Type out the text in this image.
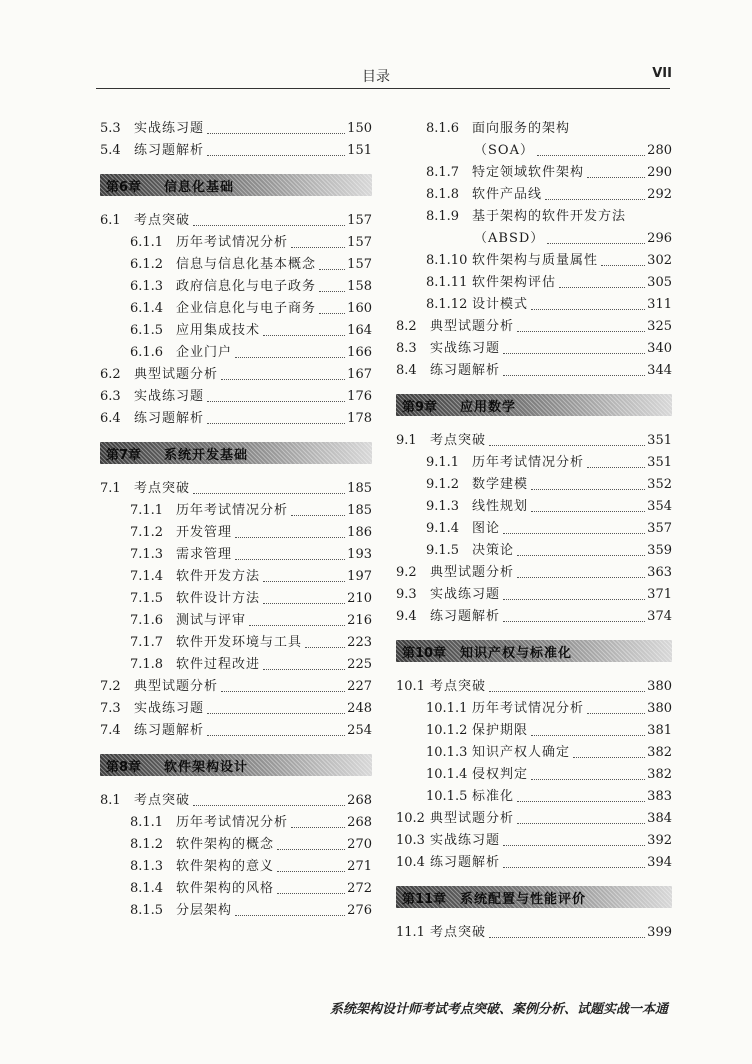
目录	VII
5.3	实战练习题	150
5.4	练习题解析	151
第6章	信息化基础
6.1	考点突破	157
6.1.1 历年考试情况分析	157
6.1.2 信息与信息化基本概念 157
6.1.3 政府信息化与电子政务 158
6.1.4 企业信息化与电子商务 160
6.1.5 应用集成技术	164
6.1.6 企业门户	166
6.2	典型试题分析	167
6.3	实战练习题	176
6.4	练习题解析	178
第7章	系统开发基础
7.1	考点突破	185
7.1.1 历年考试情况分析	185
7.1.2 开发管理	186
7.1.3 需求管理	193
7.1.4 软件开发方法	197
7.1.5 软件设计方法	210
7.1.6 测试与评审	216
7.1.7 软件开发环境与工具	223
7.1.8 软件过程改进	225
7.2	典型试题分析	227
7.3	实战练习题	248
7.4	练习题解析	254
第8章	软件架构设计
8.1	考点突破	268
8.1.1 历年考试情况分析	268
8.1.2 软件架构的概念	270
8.1.3 软件架构的意义	271
8.1.4 软件架构的风格	272
8.1.5 分层架构	276
8.1.6 面向服务的架构
（SOA）	280
8.1.7 特定领域软件架构	290
8.1.8 软件产品线	292
8.1.9 基于架构的软件开发方法
（ABSD）	296
8.1.10 软件架构与质量属性	302
8.1.11 软件架构评估	305
8.1.12 设计模式	311
8.2	典型试题分析	325
8.3	实战练习题	340
8.4	练习题解析	344
第9章	应用数学
9.1	考点突破	351
9.1.1 历年考试情况分析	351
9.1.2 数学建模	352
9.1.3 线性规划	354
9.1.4 图论	357
9.1.5 决策论	359
9.2	典型试题分析	363
9.3	实战练习题	371
9.4	练习题解析	374
第10章	知识产权与标准化
10.1 考点突破	380
10.1.1 历年考试情况分析	380
10.1.2 保护期限	381
10.1.3 知识产权人确定	382
10.1.4 侵权判定	382
10.1.5 标准化	383
10.2 典型试题分析	384
10.3 实战练习题	392
10.4 练习题解析	394
第11章	系统配置与性能评价
11.1 考点突破	399
系统架构设计师考试考点突破、案例分析、试题实战一本通
